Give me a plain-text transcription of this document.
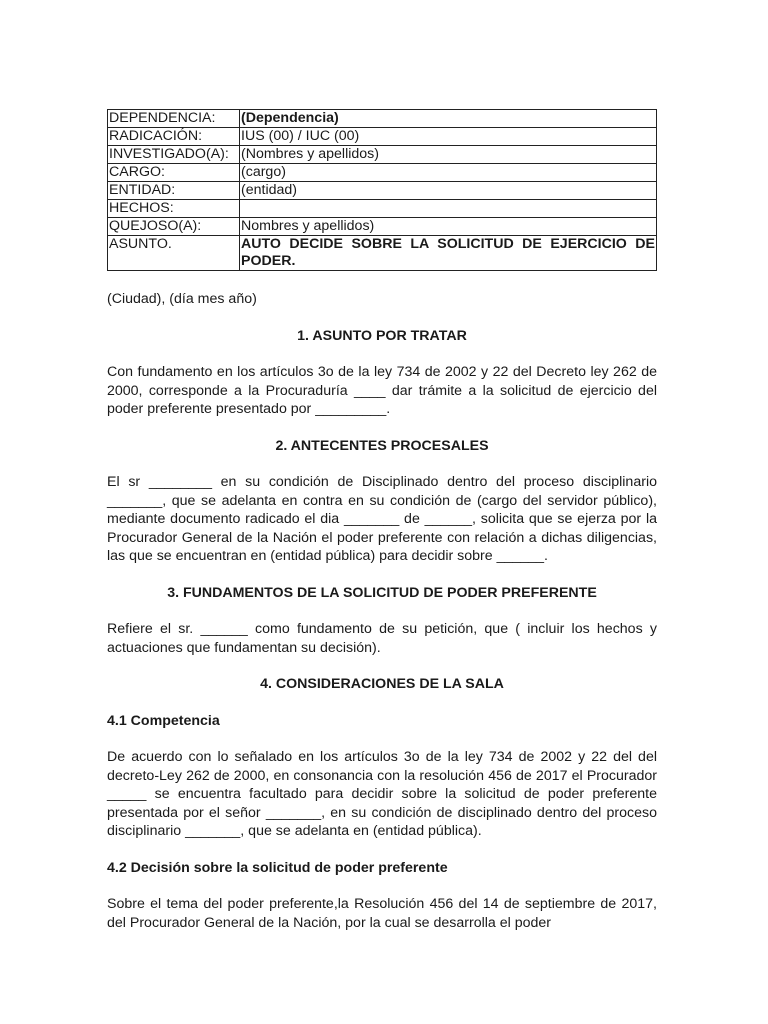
DEPENDENCIA:	(Dependencia)
RADICACIÓN:	IUS (00) / IUC (00)
INVESTIGADO(A):	(Nombres y apellidos)
CARGO:	(cargo)
ENTIDAD:	(entidad)
HECHOS:	
QUEJOSO(A):	Nombres y apellidos)
ASUNTO.	AUTO DECIDE SOBRE LA SOLICITUD DE EJERCICIO DE PODER.

(Ciudad), (día mes año)

1. ASUNTO POR TRATAR

Con fundamento en los artículos 3o de la ley 734 de 2002 y 22 del Decreto ley 262 de 2000, corresponde a la Procuraduría ____ dar trámite a la solicitud de ejercicio del poder preferente presentado por _________.

2. ANTECENTES PROCESALES

El sr ________ en su condición de Disciplinado dentro del proceso disciplinario _______, que se adelanta en contra en su condición de (cargo del servidor público), mediante documento radicado el dia _______ de ______, solicita que se ejerza por la Procurador General de la Nación el poder preferente con relación a dichas diligencias, las que se encuentran en (entidad pública) para decidir sobre ______.

3. FUNDAMENTOS DE LA SOLICITUD DE PODER PREFERENTE

Refiere el sr. ______ como fundamento de su petición, que ( incluir los hechos y actuaciones que fundamentan su decisión).

4. CONSIDERACIONES DE LA SALA
4.1 Competencia

De acuerdo con lo señalado en los artículos 3o de la ley 734 de 2002 y 22 del del decreto-Ley 262 de 2000, en consonancia con la resolución 456 de 2017 el Procurador _____ se encuentra facultado para decidir sobre la solicitud de poder preferente presentada por el señor _______, en su condición de disciplinado dentro del proceso disciplinario _______, que se adelanta en (entidad pública).

4.2 Decisión sobre la solicitud de poder preferente

Sobre el tema del poder preferente,la Resolución 456 del 14 de septiembre de 2017, del Procurador General de la Nación, por la cual se desarrolla el poder
